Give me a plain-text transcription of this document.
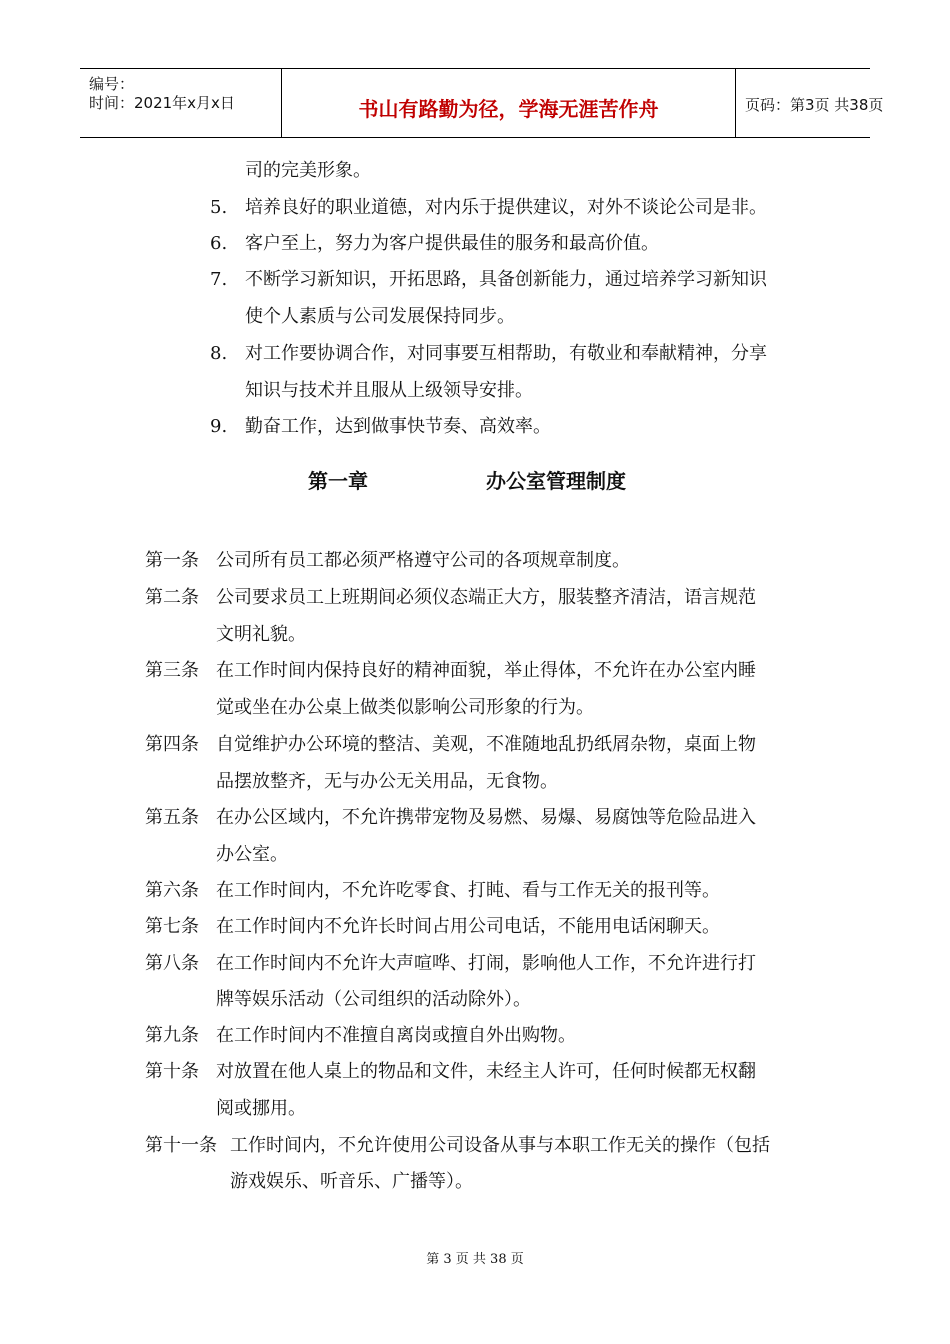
编号：
时间：2021年x月x日	书山有路勤为径，学海无涯苦作舟	页码：第3页 共38页
司的完美形象。
5. 培养良好的职业道德，对内乐于提供建议，对外不谈论公司是非。
6. 客户至上，努力为客户提供最佳的服务和最高价值。
7. 不断学习新知识，开拓思路，具备创新能力，通过培养学习新知识
使个人素质与公司发展保持同步。
8. 对工作要协调合作，对同事要互相帮助，有敬业和奉献精神，分享
知识与技术并且服从上级领导安排。
9. 勤奋工作，达到做事快节奏、高效率。
第一章	办公室管理制度
第一条 公司所有员工都必须严格遵守公司的各项规章制度。
第二条 公司要求员工上班期间必须仪态端正大方，服装整齐清洁，语言规范
文明礼貌。
第三条 在工作时间内保持良好的精神面貌，举止得体，不允许在办公室内睡
觉或坐在办公桌上做类似影响公司形象的行为。
第四条 自觉维护办公环境的整洁、美观，不准随地乱扔纸屑杂物，桌面上物
品摆放整齐，无与办公无关用品，无食物。
第五条 在办公区域内，不允许携带宠物及易燃、易爆、易腐蚀等危险品进入
办公室。
第六条 在工作时间内，不允许吃零食、打盹、看与工作无关的报刊等。
第七条 在工作时间内不允许长时间占用公司电话，不能用电话闲聊天。
第八条 在工作时间内不允许大声喧哗、打闹，影响他人工作，不允许进行打
牌等娱乐活动（公司组织的活动除外）。
第九条 在工作时间内不准擅自离岗或擅自外出购物。
第十条 对放置在他人桌上的物品和文件，未经主人许可，任何时候都无权翻
阅或挪用。
第十一条 工作时间内，不允许使用公司设备从事与本职工作无关的操作（包括
游戏娱乐、听音乐、广播等）。
第 3 页 共 38 页
